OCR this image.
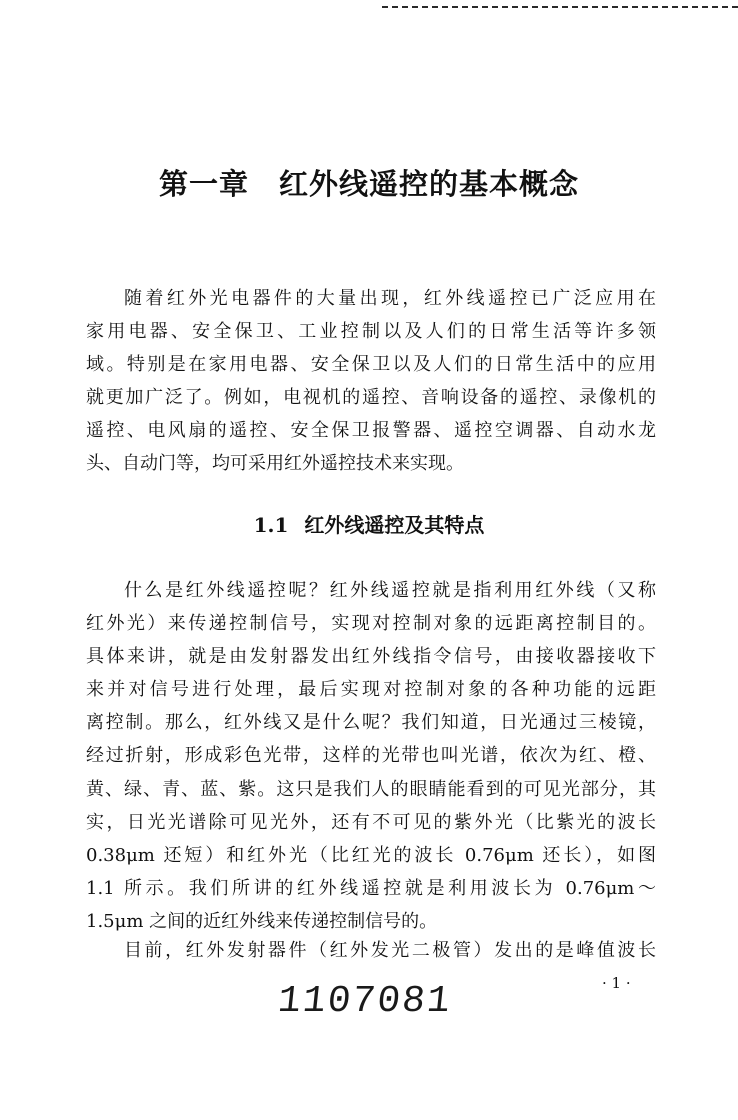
第一章 红外线遥控的基本概念

随着红外光电器件的大量出现，红外线遥控已广泛应用在
家用电器、安全保卫、工业控制以及人们的日常生活等许多领
域。特别是在家用电器、安全保卫以及人们的日常生活中的应用
就更加广泛了。例如，电视机的遥控、音响设备的遥控、录像机的
遥控、电风扇的遥控、安全保卫报警器、遥控空调器、自动水龙
头、自动门等，均可采用红外遥控技术来实现。

1.1 红外线遥控及其特点

什么是红外线遥控呢？红外线遥控就是指利用红外线（又称
红外光）来传递控制信号，实现对控制对象的远距离控制目的。
具体来讲，就是由发射器发出红外线指令信号，由接收器接收下
来并对信号进行处理，最后实现对控制对象的各种功能的远距
离控制。那么，红外线又是什么呢？我们知道，日光通过三棱镜，
经过折射，形成彩色光带，这样的光带也叫光谱，依次为红、橙、
黄、绿、青、蓝、紫。这只是我们人的眼睛能看到的可见光部分，其
实，日光光谱除可见光外，还有不可见的紫外光（比紫光的波长
0.38μm 还短）和红外光（比红光的波长 0.76μm 还长），如图
1.1 所示。我们所讲的红外线遥控就是利用波长为 0.76μm～
1.5μm 之间的近红外线来传递控制信号的。

目前，红外发射器件（红外发光二极管）发出的是峰值波长

· 1 ·
1107081
